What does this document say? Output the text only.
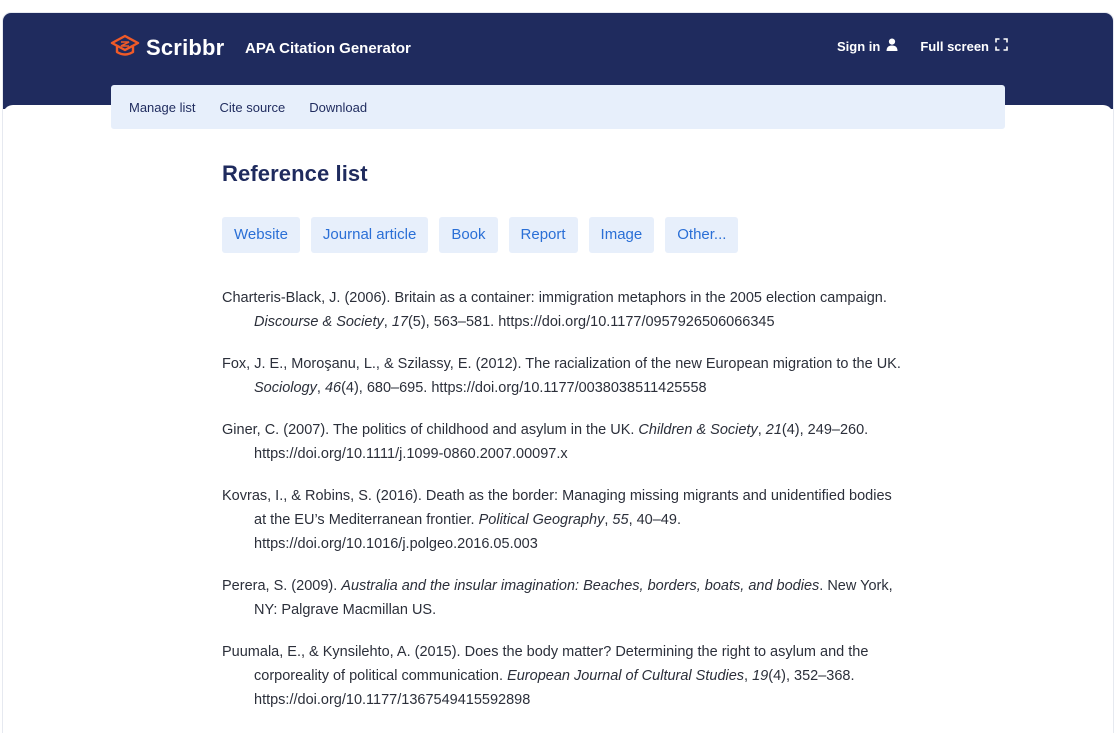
Scribbr APA Citation Generator	Sign in	Full screen
Manage list Cite source Download
Reference list
Website	Journal article	Book	Report	Image	Other...
Charteris-Black, J. (2006). Britain as a container: immigration metaphors in the 2005 election campaign. Discourse & Society, 17(5), 563–581. https://doi.org/10.1177/0957926506066345
Fox, J. E., Moroşanu, L., & Szilassy, E. (2012). The racialization of the new European migration to the UK. Sociology, 46(4), 680–695. https://doi.org/10.1177/0038038511425558
Giner, C. (2007). The politics of childhood and asylum in the UK. Children & Society, 21(4), 249–260. https://doi.org/10.1111/j.1099-0860.2007.00097.x
Kovras, I., & Robins, S. (2016). Death as the border: Managing missing migrants and unidentified bodies at the EU’s Mediterranean frontier. Political Geography, 55, 40–49. https://doi.org/10.1016/j.polgeo.2016.05.003
Perera, S. (2009). Australia and the insular imagination: Beaches, borders, boats, and bodies. New York, NY: Palgrave Macmillan US.
Puumala, E., & Kynsilehto, A. (2015). Does the body matter? Determining the right to asylum and the corporeality of political communication. European Journal of Cultural Studies, 19(4), 352–368. https://doi.org/10.1177/1367549415592898
